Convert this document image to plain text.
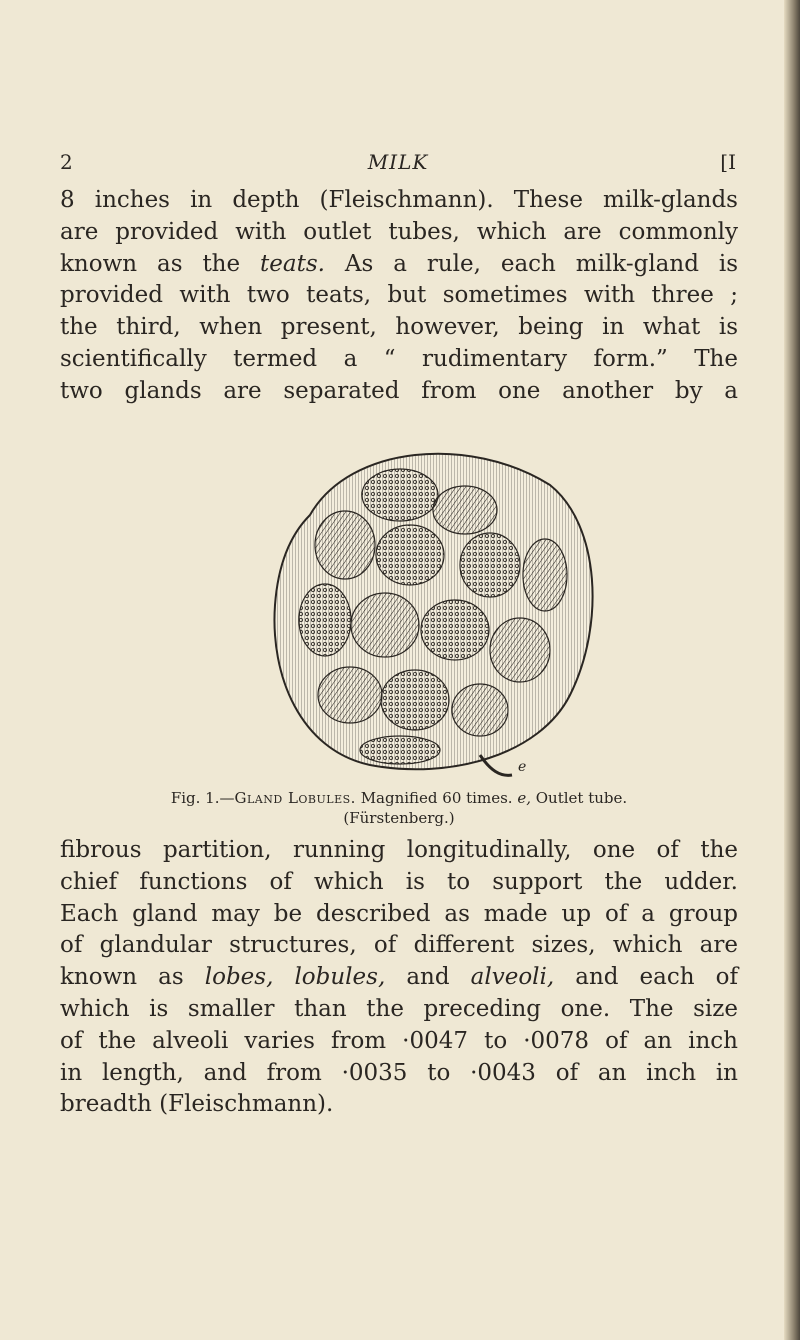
2	MILK	[I

8 inches in depth (Fleischmann). These milk-glands
are provided with outlet tubes, which are commonly
known as the teats. As a rule, each milk-gland is
provided with two teats, but sometimes with three ;
the third, when present, however, being in what is
scientifically termed a “ rudimentary form.” The
two glands are separated from one another by a

e
Fig. 1.—Gland Lobules. Magnified 60 times. e, Outlet tube.
(Fürstenberg.)

fibrous partition, running longitudinally, one of the
chief functions of which is to support the udder.
Each gland may be described as made up of a group
of glandular structures, of different sizes, which are
known as lobes, lobules, and alveoli, and each of
which is smaller than the preceding one. The size
of the alveoli varies from ·0047 to ·0078 of an inch
in length, and from ·0035 to ·0043 of an inch in
breadth (Fleischmann).
